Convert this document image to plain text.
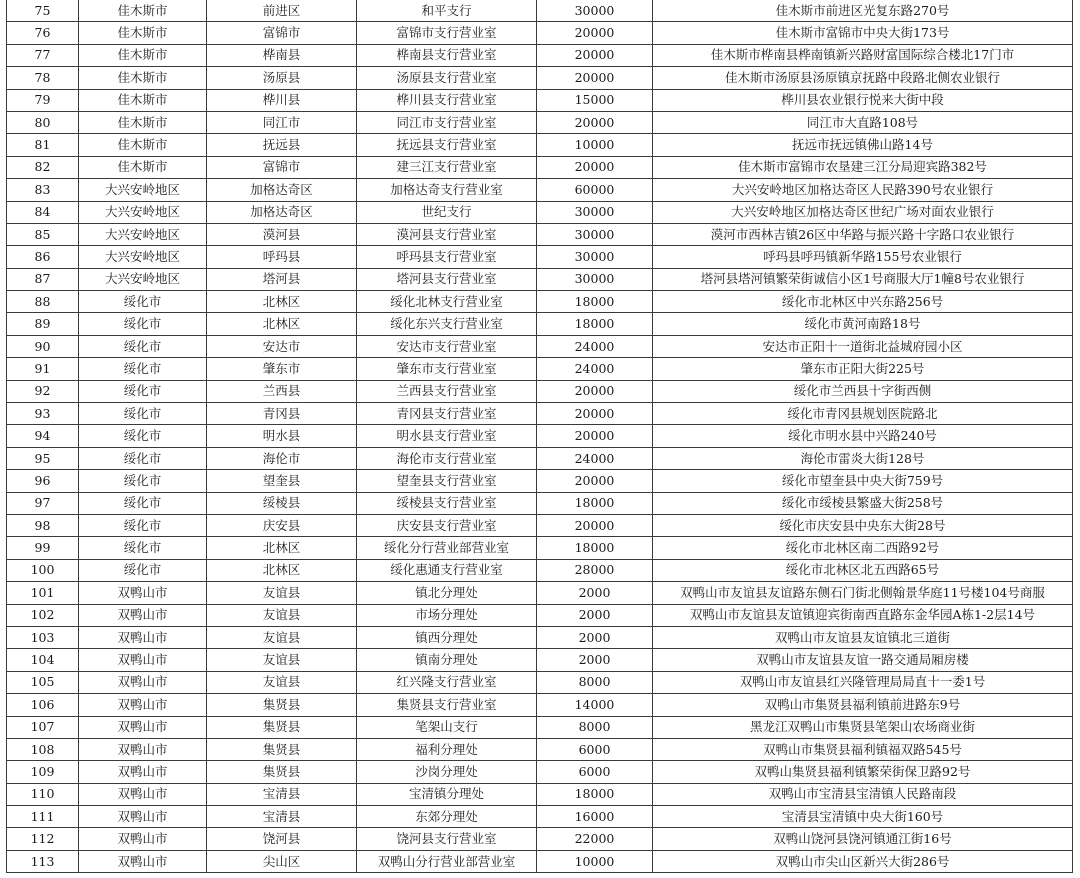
75	佳木斯市	前进区	和平支行	30000	佳木斯市前进区光复东路270号
76	佳木斯市	富锦市	富锦市支行营业室	20000	佳木斯市富锦市中央大街173号
77	佳木斯市	桦南县	桦南县支行营业室	20000	佳木斯市桦南县桦南镇新兴路财富国际综合楼北17门市
78	佳木斯市	汤原县	汤原县支行营业室	20000	佳木斯市汤原县汤原镇京抚路中段路北侧农业银行
79	佳木斯市	桦川县	桦川县支行营业室	15000	桦川县农业银行悦来大街中段
80	佳木斯市	同江市	同江市支行营业室	20000	同江市大直路108号
81	佳木斯市	抚远县	抚远县支行营业室	10000	抚远市抚远镇佛山路14号
82	佳木斯市	富锦市	建三江支行营业室	20000	佳木斯市富锦市农垦建三江分局迎宾路382号
83	大兴安岭地区	加格达奇区	加格达奇支行营业室	60000	大兴安岭地区加格达奇区人民路390号农业银行
84	大兴安岭地区	加格达奇区	世纪支行	30000	大兴安岭地区加格达奇区世纪广场对面农业银行
85	大兴安岭地区	漠河县	漠河县支行营业室	30000	漠河市西林吉镇26区中华路与振兴路十字路口农业银行
86	大兴安岭地区	呼玛县	呼玛县支行营业室	30000	呼玛县呼玛镇新华路155号农业银行
87	大兴安岭地区	塔河县	塔河县支行营业室	30000	塔河县塔河镇繁荣街诚信小区1号商服大厅1幢8号农业银行
88	绥化市	北林区	绥化北林支行营业室	18000	绥化市北林区中兴东路256号
89	绥化市	北林区	绥化东兴支行营业室	18000	绥化市黄河南路18号
90	绥化市	安达市	安达市支行营业室	24000	安达市正阳十一道街北益城府园小区
91	绥化市	肇东市	肇东市支行营业室	24000	肇东市正阳大街225号
92	绥化市	兰西县	兰西县支行营业室	20000	绥化市兰西县十字街西侧
93	绥化市	青冈县	青冈县支行营业室	20000	绥化市青冈县规划医院路北
94	绥化市	明水县	明水县支行营业室	20000	绥化市明水县中兴路240号
95	绥化市	海伦市	海伦市支行营业室	24000	海伦市雷炎大街128号
96	绥化市	望奎县	望奎县支行营业室	20000	绥化市望奎县中央大街759号
97	绥化市	绥棱县	绥棱县支行营业室	18000	绥化市绥棱县繁盛大街258号
98	绥化市	庆安县	庆安县支行营业室	20000	绥化市庆安县中央东大街28号
99	绥化市	北林区	绥化分行营业部营业室	18000	绥化市北林区南二西路92号
100	绥化市	北林区	绥化惠通支行营业室	28000	绥化市北林区北五西路65号
101	双鸭山市	友谊县	镇北分理处	2000	双鸭山市友谊县友谊路东侧石门街北侧翰景华庭11号楼104号商服
102	双鸭山市	友谊县	市场分理处	2000	双鸭山市友谊县友谊镇迎宾街南西直路东金华园A栋1-2层14号
103	双鸭山市	友谊县	镇西分理处	2000	双鸭山市友谊县友谊镇北三道街
104	双鸭山市	友谊县	镇南分理处	2000	双鸭山市友谊县友谊一路交通局厢房楼
105	双鸭山市	友谊县	红兴隆支行营业室	8000	双鸭山市友谊县红兴隆管理局局直十一委1号
106	双鸭山市	集贤县	集贤县支行营业室	14000	双鸭山市集贤县福利镇前进路东9号
107	双鸭山市	集贤县	笔架山支行	8000	黑龙江双鸭山市集贤县笔架山农场商业街
108	双鸭山市	集贤县	福利分理处	6000	双鸭山市集贤县福利镇福双路545号
109	双鸭山市	集贤县	沙岗分理处	6000	双鸭山集贤县福利镇繁荣街保卫路92号
110	双鸭山市	宝清县	宝清镇分理处	18000	双鸭山市宝清县宝清镇人民路南段
111	双鸭山市	宝清县	东郊分理处	16000	宝清县宝清镇中央大街160号
112	双鸭山市	饶河县	饶河县支行营业室	22000	双鸭山饶河县饶河镇通江街16号
113	双鸭山市	尖山区	双鸭山分行营业部营业室	10000	双鸭山市尖山区新兴大街286号
